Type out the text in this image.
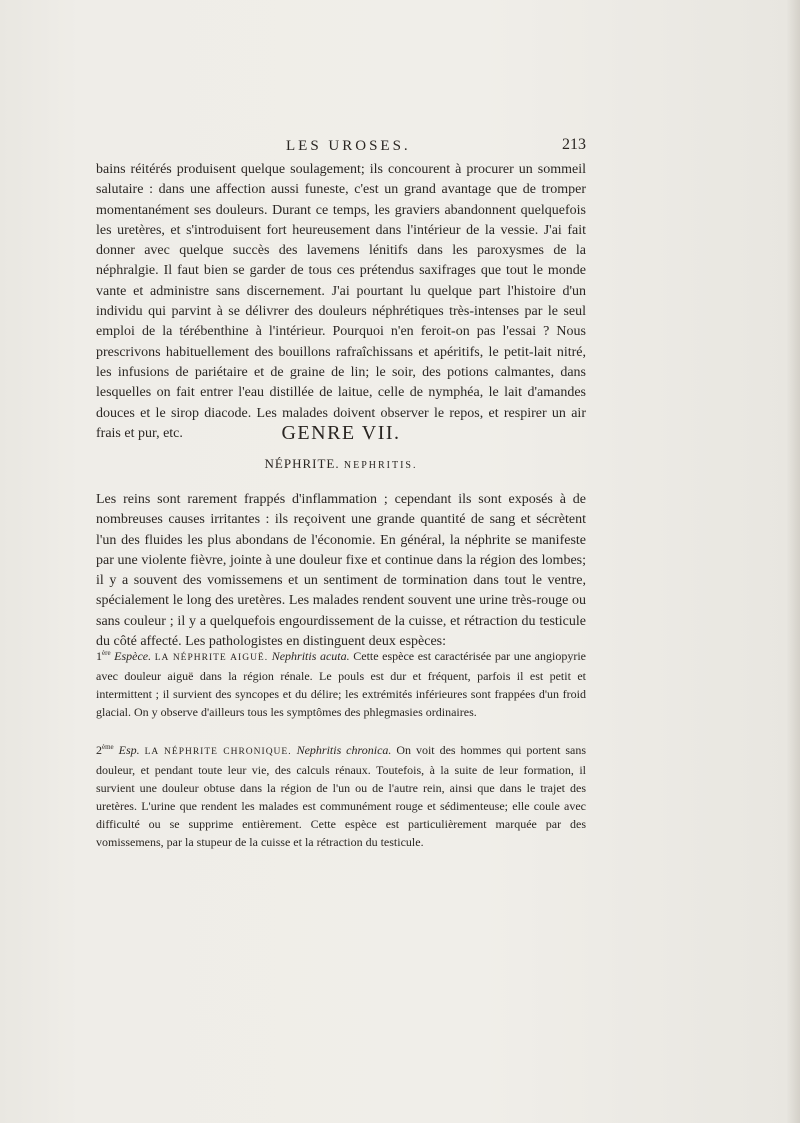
LES UROSES.	213
bains réitérés produisent quelque soulagement; ils concourent à procurer un sommeil salutaire : dans une affection aussi funeste, c'est un grand avantage que de tromper momentanément ses douleurs. Durant ce temps, les graviers abandonnent quelquefois les uretères, et s'introduisent fort heureusement dans l'intérieur de la vessie. J'ai fait donner avec quelque succès des lavemens lénitifs dans les paroxysmes de la néphralgie. Il faut bien se garder de tous ces prétendus saxifrages que tout le monde vante et administre sans discernement. J'ai pourtant lu quelque part l'histoire d'un individu qui parvint à se délivrer des douleurs néphrétiques très-intenses par le seul emploi de la térébenthine à l'intérieur. Pourquoi n'en feroit-on pas l'essai ? Nous prescrivons habituellement des bouillons rafraîchissans et apéritifs, le petit-lait nitré, les infusions de pariétaire et de graine de lin; le soir, des potions calmantes, dans lesquelles on fait entrer l'eau distillée de laitue, celle de nymphéa, le lait d'amandes douces et le sirop diacode. Les malades doivent observer le repos, et respirer un air frais et pur, etc.	GENRE VII.
NÉPHRITE. NEPHRITIS.
Les reins sont rarement frappés d'inflammation ; cependant ils sont exposés à de nombreuses causes irritantes : ils reçoivent une grande quantité de sang et sécrètent l'un des fluides les plus abondans de l'économie. En général, la néphrite se manifeste par une violente fièvre, jointe à une douleur fixe et continue dans la région des lombes; il y a souvent des vomissemens et un sentiment de tormination dans tout le ventre, spécialement le long des uretères. Les malades rendent souvent une urine très-rouge ou sans couleur ; il y a quelquefois engourdissement de la cuisse, et rétraction du testicule du côté affecté. Les pathologistes en distinguent deux espèces:
1ère Espèce. LA NÉPHRITE AIGUË. Nephritis acuta. Cette espèce est caractérisée par une angiopyrie avec douleur aiguë dans la région rénale. Le pouls est dur et fréquent, parfois il est petit et intermittent ; il survient des syncopes et du délire; les extrémités inférieures sont frappées d'un froid glacial. On y observe d'ailleurs tous les symptômes des phlegmasies ordinaires.
2ème Esp. LA NÉPHRITE CHRONIQUE. Nephritis chronica. On voit des hommes qui portent sans douleur, et pendant toute leur vie, des calculs rénaux. Toutefois, à la suite de leur formation, il survient une douleur obtuse dans la région de l'un ou de l'autre rein, ainsi que dans le trajet des uretères. L'urine que rendent les malades est communément rouge et sédimenteuse; elle coule avec difficulté ou se supprime entièrement. Cette espèce est particulièrement marquée par des vomissemens, par la stupeur de la cuisse et la rétraction du testicule.
